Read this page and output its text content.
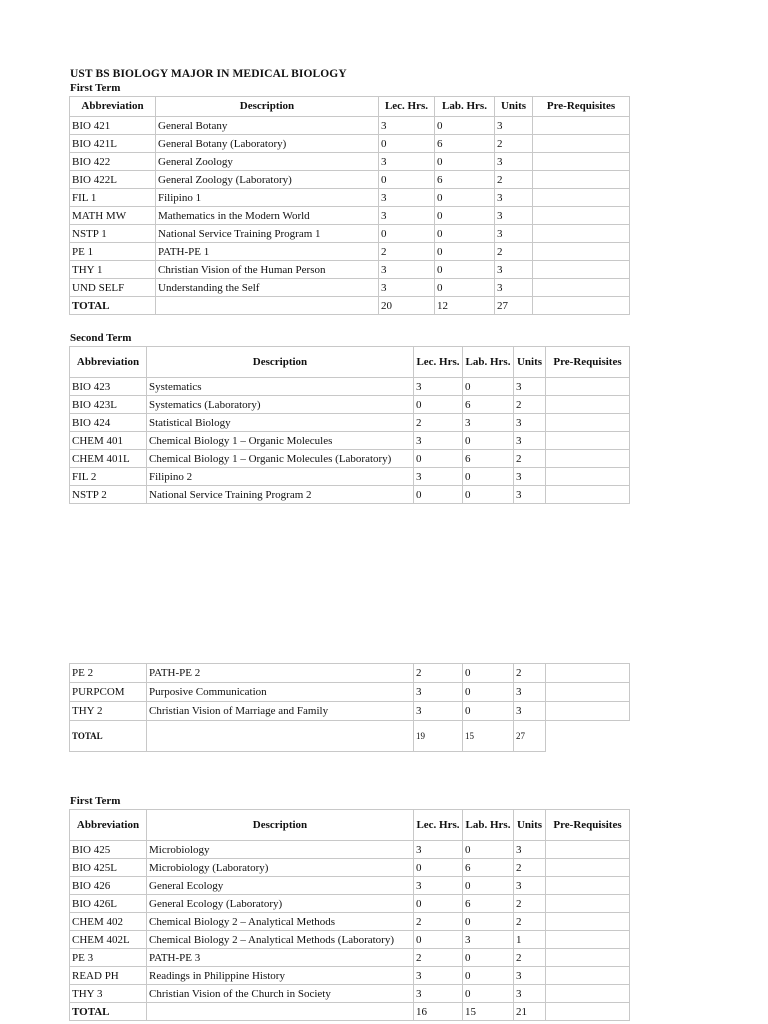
UST BS BIOLOGY MAJOR IN MEDICAL BIOLOGY
First Term
Abbreviation	Description	Lec. Hrs.	Lab. Hrs.	Units	Pre-Requisites
BIO 421	General Botany	3	0	3	
BIO 421L	General Botany (Laboratory)	0	6	2	
BIO 422	General Zoology	3	0	3	
BIO 422L	General Zoology (Laboratory)	0	6	2	
FIL 1	Filipino 1	3	0	3	
MATH MW	Mathematics in the Modern World	3	0	3	
NSTP 1	National Service Training Program 1	0	0	3	
PE 1	PATH-PE 1	2	0	2	
THY 1	Christian Vision of the Human Person	3	0	3	
UND SELF	Understanding the Self	3	0	3	
TOTAL		20	12	27	
Second Term
Abbreviation	Description	Lec. Hrs.	Lab. Hrs.	Units	Pre-Requisites
BIO 423	Systematics	3	0	3	
BIO 423L	Systematics (Laboratory)	0	6	2	
BIO 424	Statistical Biology	2	3	3	
CHEM 401	Chemical Biology 1 – Organic Molecules	3	0	3	
CHEM 401L	Chemical Biology 1 – Organic Molecules (Laboratory)	0	6	2	
FIL 2	Filipino 2	3	0	3	
NSTP 2	National Service Training Program 2	0	0	3	
PE 2	PATH-PE 2	2	0	2	
PURPCOM	Purposive Communication	3	0	3	
THY 2	Christian Vision of Marriage and Family	3	0	3	
TOTAL		19	15	27	
First Term
Abbreviation	Description	Lec. Hrs.	Lab. Hrs.	Units	Pre-Requisites
BIO 425	Microbiology	3	0	3	
BIO 425L	Microbiology (Laboratory)	0	6	2	
BIO 426	General Ecology	3	0	3	
BIO 426L	General Ecology (Laboratory)	0	6	2	
CHEM 402	Chemical Biology 2 – Analytical Methods	2	0	2	
CHEM 402L	Chemical Biology 2 – Analytical Methods (Laboratory)	0	3	1	
PE 3	PATH-PE 3	2	0	2	
READ PH	Readings in Philippine History	3	0	3	
THY 3	Christian Vision of the Church in Society	3	0	3	
TOTAL		16	15	21	
